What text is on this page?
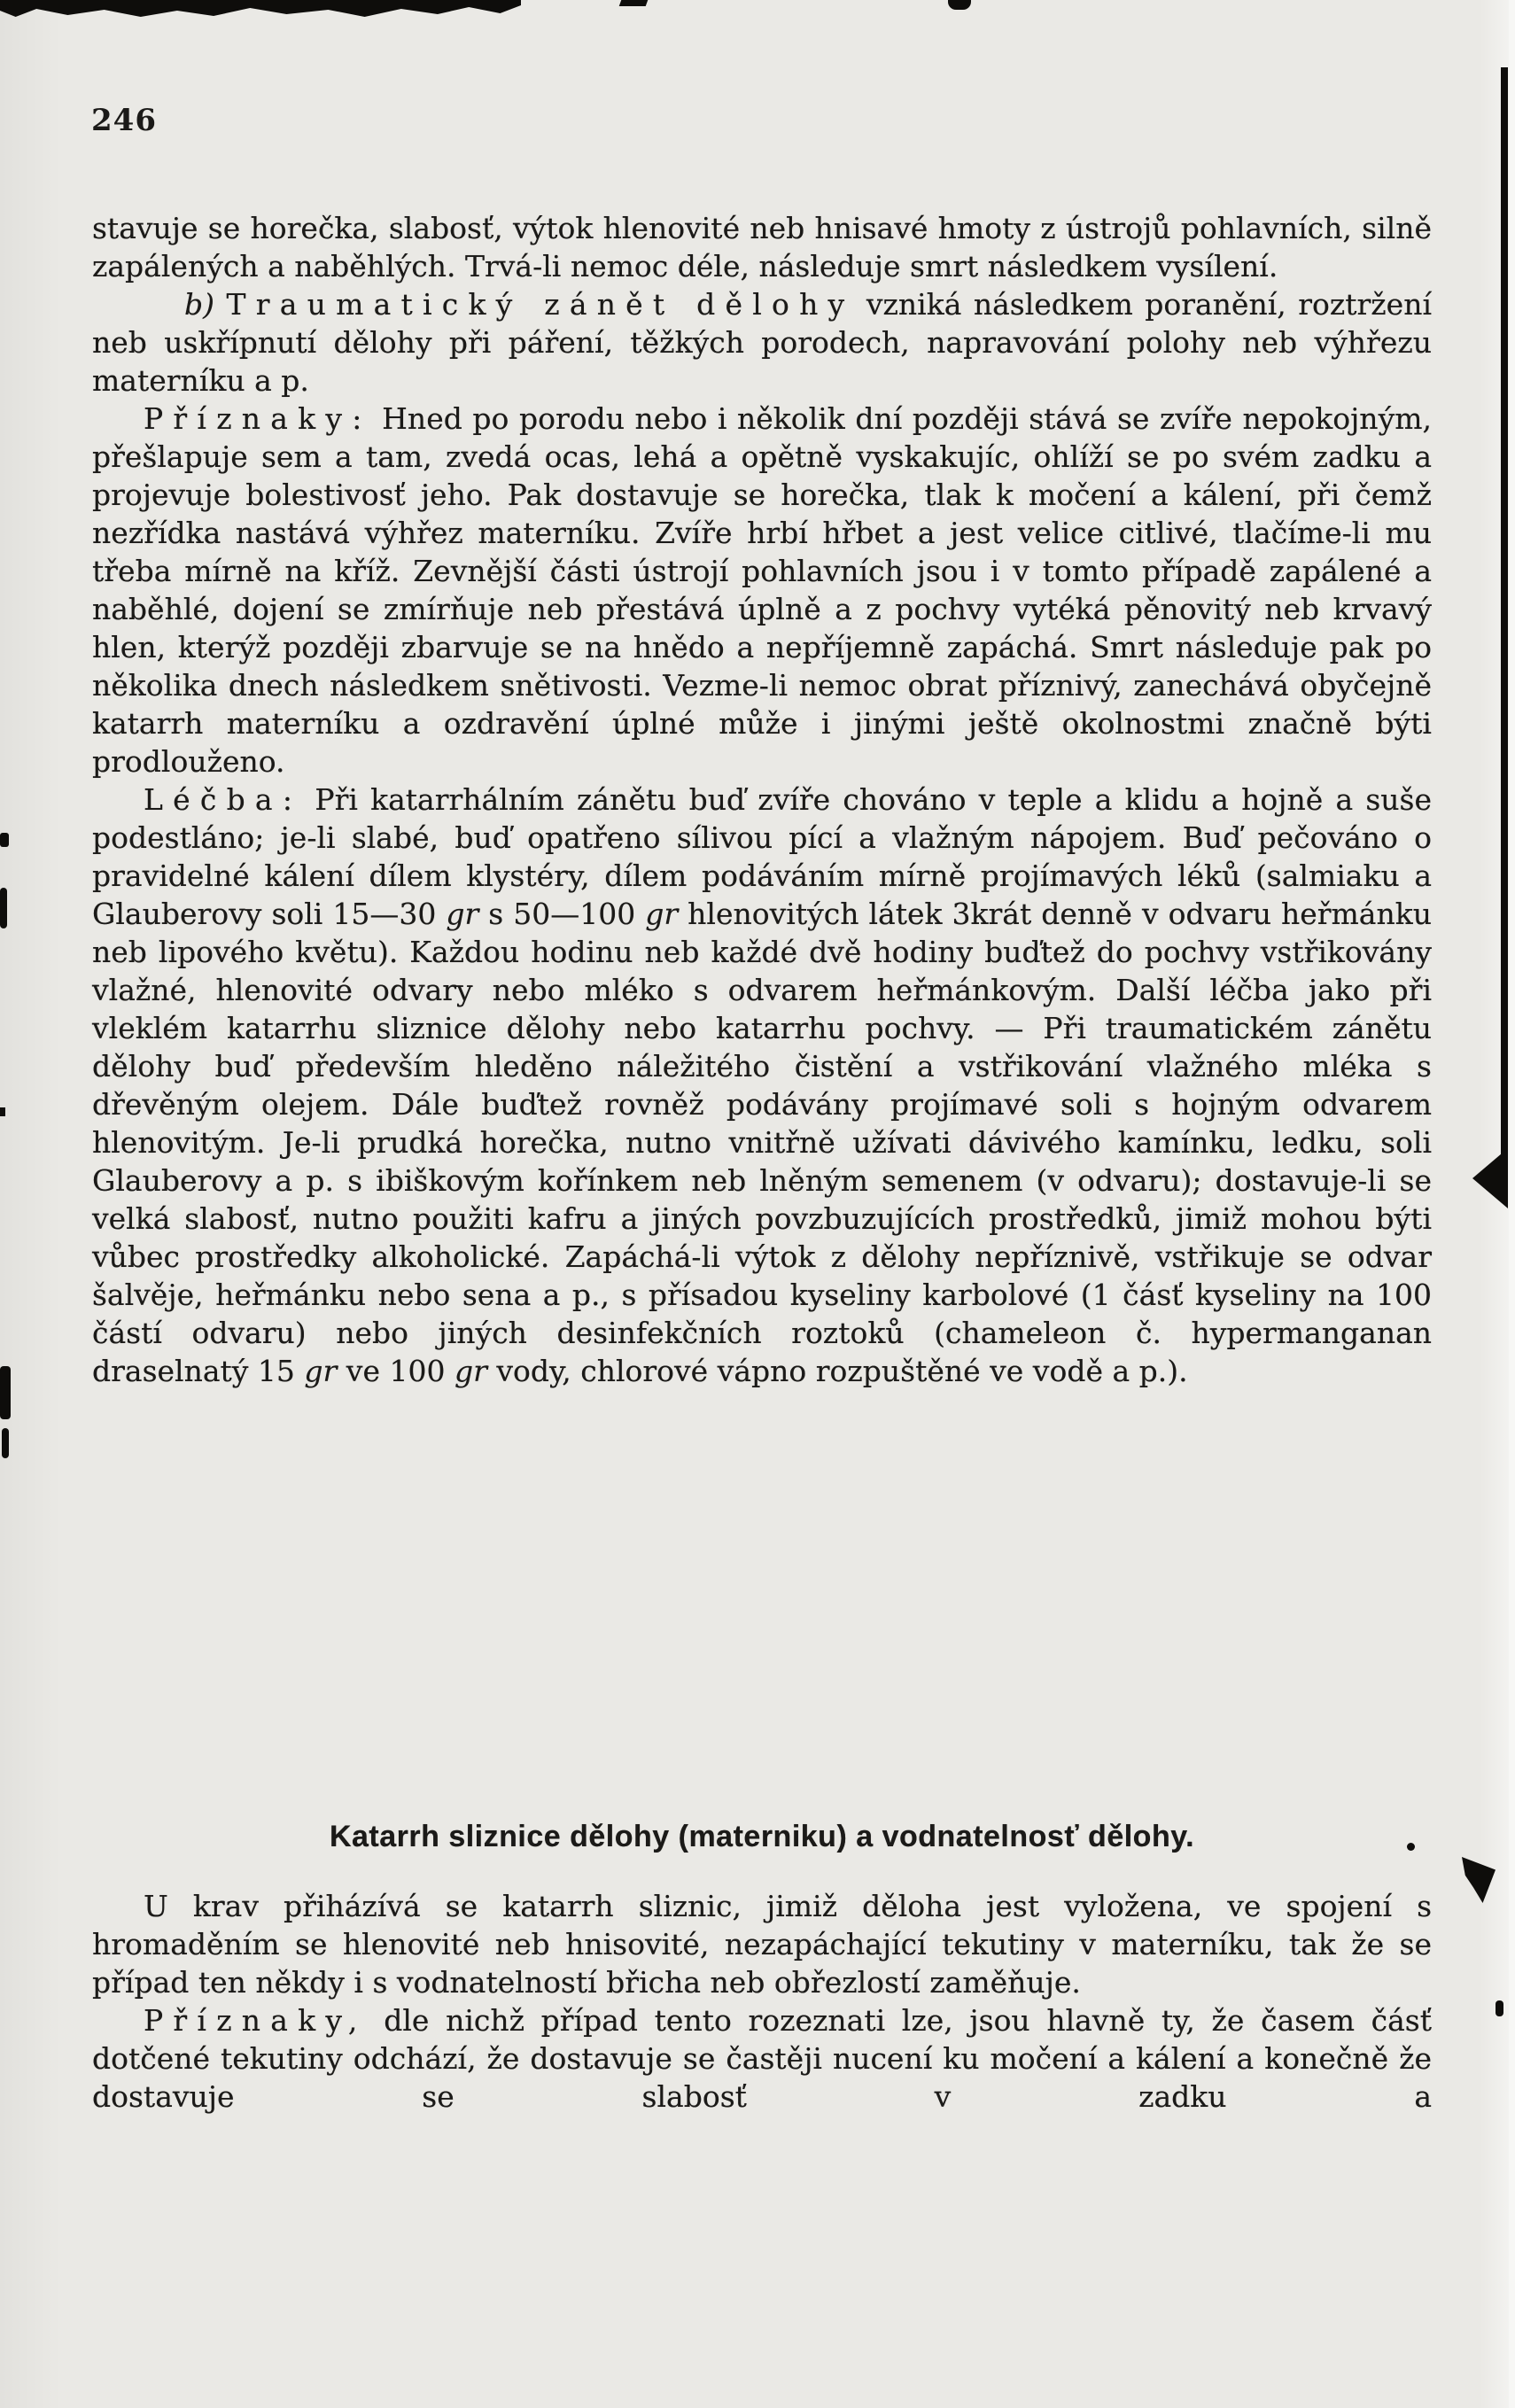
246

stavuje se horečka, slabosť, výtok hlenovité neb hnisavé hmoty z ústrojů pohlavních, silně zapálených a naběhlých. Trvá-li nemoc déle, následuje smrt následkem vysílení.

b) Traumatický zánět dělohy vzniká následkem poranění, roztržení neb uskřípnutí dělohy při páření, těžkých porodech, napravování polohy neb výhřezu materníku a p.

Příznaky: Hned po porodu nebo i několik dní později stává se zvíře nepokojným, přešlapuje sem a tam, zvedá ocas, lehá a opětně vyskakujíc, ohlíží se po svém zadku a projevuje bolestivosť jeho. Pak dostavuje se horečka, tlak k močení a kálení, při čemž nezřídka nastává výhřez materníku. Zvíře hrbí hřbet a jest velice citlivé, tlačíme-li mu třeba mírně na kříž. Zevnější části ústrojí pohlavních jsou i v tomto případě zapálené a naběhlé, dojení se zmírňuje neb přestává úplně a z pochvy vytéká pěnovitý neb krvavý hlen, kterýž později zbarvuje se na hnědo a nepříjemně zapáchá. Smrt následuje pak po několika dnech následkem snětivosti. Vezme-li nemoc obrat příznivý, zanechává obyčejně katarrh materníku a ozdravění úplné může i jinými ještě okolnostmi značně býti prodlouženo.

Léčba: Při katarrhálním zánětu buď zvíře chováno v teple a klidu a hojně a suše podestláno; je-li slabé, buď opatřeno sílivou pící a vlažným nápojem. Buď pečováno o pravidelné kálení dílem klystéry, dílem podáváním mírně projímavých léků (salmiaku a Glauberovy soli 15—30 gr s 50—100 gr hlenovitých látek 3krát denně v odvaru heřmánku neb lipového květu). Každou hodinu neb každé dvě hodiny buďtež do pochvy vstřikovány vlažné, hlenovité odvary nebo mléko s odvarem heřmánkovým. Další léčba jako při vleklém katarrhu sliznice dělohy nebo katarrhu pochvy. — Při traumatickém zánětu dělohy buď především hleděno náležitého čistění a vstřikování vlažného mléka s dřevěným olejem. Dále buďtež rovněž podávány projímavé soli s hojným odvarem hlenovitým. Je-li prudká horečka, nutno vnitřně užívati dávivého kamínku, ledku, soli Glauberovy a p. s ibiškovým kořínkem neb lněným semenem (v odvaru); dostavuje-li se velká slabosť, nutno použiti kafru a jiných povzbuzujících prostředků, jimiž mohou býti vůbec prostředky alkoholické. Zapáchá-li výtok z dělohy nepříznivě, vstřikuje se odvar šalvěje, heřmánku nebo sena a p., s přísadou kyseliny karbolové (1 čásť kyseliny na 100 částí odvaru) nebo jiných desinfekčních roztoků (chameleon č. hypermanganan draselnatý 15 gr ve 100 gr vody, chlorové vápno rozpuštěné ve vodě a p.).

Katarrh sliznice dělohy (materniku) a vodnatelnosť dělohy.

U krav přiházívá se katarrh sliznic, jimiž děloha jest vyložena, ve spojení s hromaděním se hlenovité neb hnisovité, nezapáchající tekutiny v materníku, tak že se případ ten někdy i s vodnatelností břicha neb obřezlostí zaměňuje.

Příznaky, dle nichž případ tento rozeznati lze, jsou hlavně ty, že časem čásť dotčené tekutiny odchází, že dostavuje se častěji nucení ku močení a kálení a konečně že dostavuje se slabosť v zadku a
